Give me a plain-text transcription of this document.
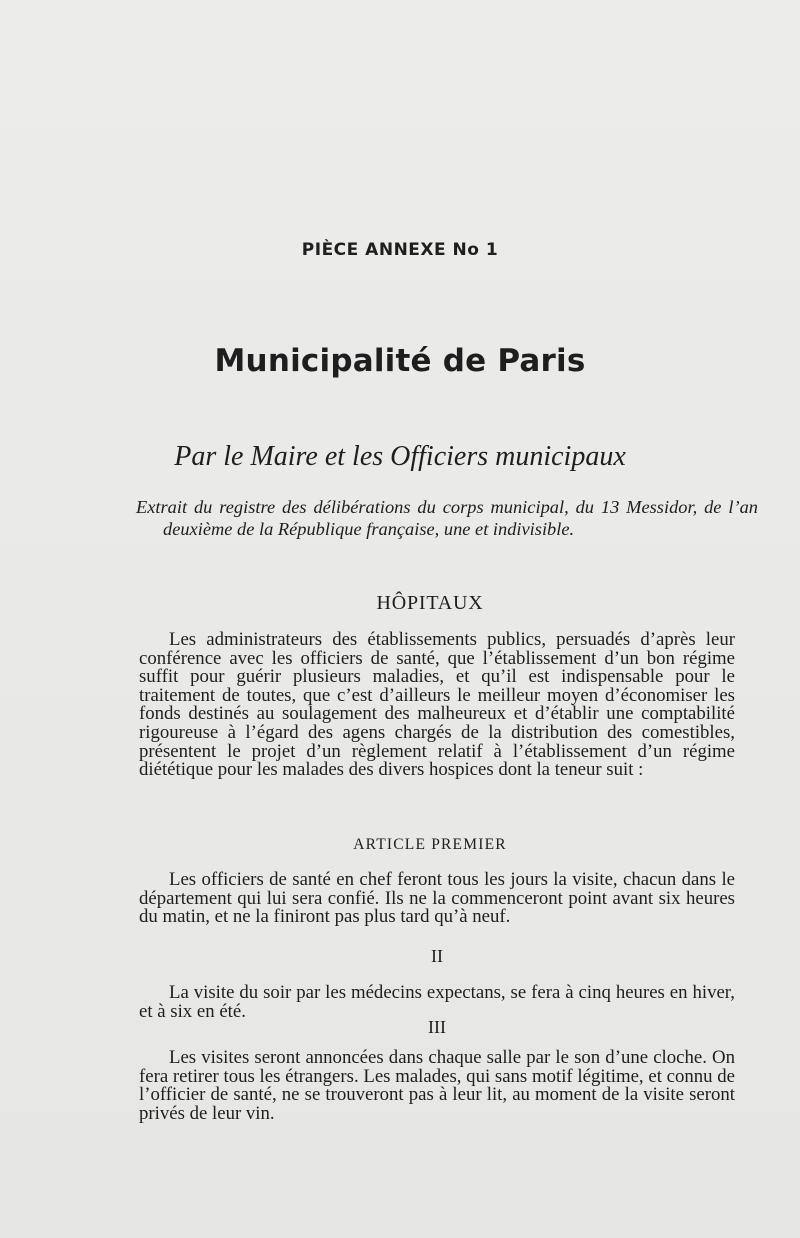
PIÈCE ANNEXE No 1
Municipalité de Paris
Par le Maire et les Officiers municipaux
Extrait du registre des délibérations du corps municipal, du 13 Messidor, de l’an deuxième de la République française, une et indivisible.
HÔPITAUX

Les administrateurs des établissements publics, persuadés d’après leur conférence avec les officiers de santé, que l’établissement d’un bon régime suffit pour guérir plusieurs maladies, et qu’il est indispensable pour le traitement de toutes, que c’est d’ailleurs le meilleur moyen d’économiser les fonds destinés au soulagement des malheureux et d’établir une comptabilité rigoureuse à l’égard des agens chargés de la distribution des comestibles, présentent le projet d’un règlement relatif à l’établissement d’un régime diététique pour les malades des divers hospices dont la teneur suit :

ARTICLE PREMIER

Les officiers de santé en chef feront tous les jours la visite, chacun dans le département qui lui sera confié. Ils ne la commenceront point avant six heures du matin, et ne la finiront pas plus tard qu’à neuf.

II

La visite du soir par les médecins expectans, se fera à cinq heures en hiver, et à six en été.

III

Les visites seront annoncées dans chaque salle par le son d’une cloche. On fera retirer tous les étrangers. Les malades, qui sans motif légitime, et connu de l’officier de santé, ne se trouveront pas à leur lit, au moment de la visite seront privés de leur vin.
